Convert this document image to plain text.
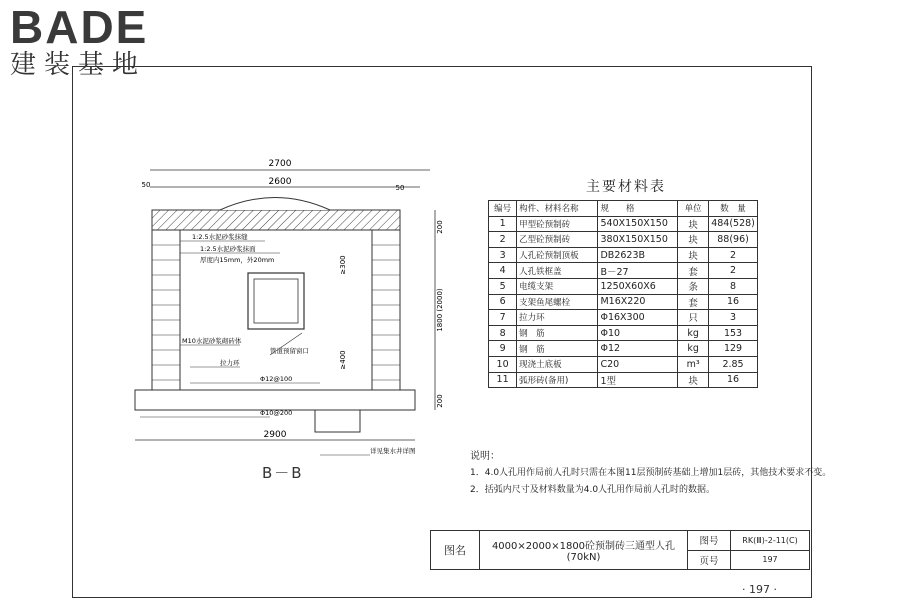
BADE
建装基地
2700
2600
50	50
2900
200
1800 (2000)
200
≥300
≥400
1:2.5水泥砂浆抹缝
1:2.5水泥砂浆抹面
厚度内15mm，外20mm
M10水泥砂浆砌砖体
拉力环
管道预留窗口
Φ12@100
Φ10@200
详见集水井详图
B－B
主要材料表
编号	构件、材料名称	规　　格	单位	数　量
1	甲型砼预制砖	540X150X150	块	484(528)
2	乙型砼预制砖	380X150X150	块	88(96)
3	人孔砼预制顶板	DB2623B	块	2
4	人孔铁框盖	B－27	套	2
5	电缆支架	1250X60X6	条	8
6	支架鱼尾螺栓	M16X220	套	16
7	拉力环	Φ16X300	只	3
8	钢　筋	Φ10	kg	153
9	钢　筋	Φ12	kg	129
10	现浇土底板	C20	m³	2.85
11	弧形砖(备用)	1型	块	16
说明：
1．4.0人孔用作局前人孔时只需在本图11层预制砖基础上增加1层砖，其他技术要求不变。
2．括弧内尺寸及材料数量为4.0人孔用作局前人孔时的数据。
图名	4000×2000×1800砼预制砖三通型人孔(70kN)	图号	RK(Ⅲ)-2-11(C)
		页号	197
· 197 ·
